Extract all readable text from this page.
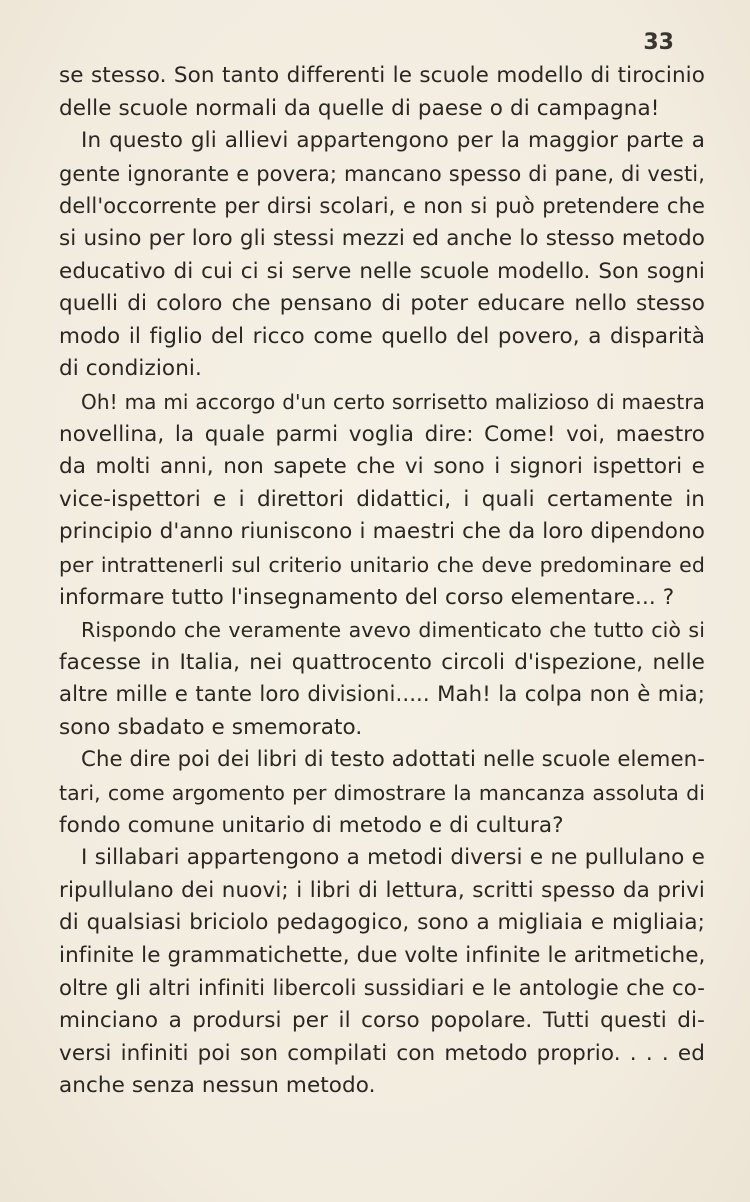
33
se stesso. Son tanto differenti le scuole modello di tirocinio
delle scuole normali da quelle di paese o di campagna!
In questo gli allievi appartengono per la maggior parte a
gente ignorante e povera; mancano spesso di pane, di vesti,
dell'occorrente per dirsi scolari, e non si può pretendere che
si usino per loro gli stessi mezzi ed anche lo stesso metodo
educativo di cui ci si serve nelle scuole modello. Son sogni
quelli di coloro che pensano di poter educare nello stesso
modo il figlio del ricco come quello del povero, a disparità
di condizioni.
Oh! ma mi accorgo d'un certo sorrisetto malizioso di maestra
novellina, la quale parmi voglia dire: Come! voi, maestro
da molti anni, non sapete che vi sono i signori ispettori e
vice-ispettori e i direttori didattici, i quali certamente in
principio d'anno riuniscono i maestri che da loro dipendono
per intrattenerli sul criterio unitario che deve predominare ed
informare tutto l'insegnamento del corso elementare... ?
Rispondo che veramente avevo dimenticato che tutto ciò si
facesse in Italia, nei quattrocento circoli d'ispezione, nelle
altre mille e tante loro divisioni..... Mah! la colpa non è mia;
sono sbadato e smemorato.
Che dire poi dei libri di testo adottati nelle scuole elemen-
tari, come argomento per dimostrare la mancanza assoluta di
fondo comune unitario di metodo e di cultura?
I sillabari appartengono a metodi diversi e ne pullulano e
ripullulano dei nuovi; i libri di lettura, scritti spesso da privi
di qualsiasi briciolo pedagogico, sono a migliaia e migliaia;
infinite le grammatichette, due volte infinite le aritmetiche,
oltre gli altri infiniti libercoli sussidiari e le antologie che co-
minciano a prodursi per il corso popolare. Tutti questi di-
versi infiniti poi son compilati con metodo proprio. . . . ed
anche senza nessun metodo.
